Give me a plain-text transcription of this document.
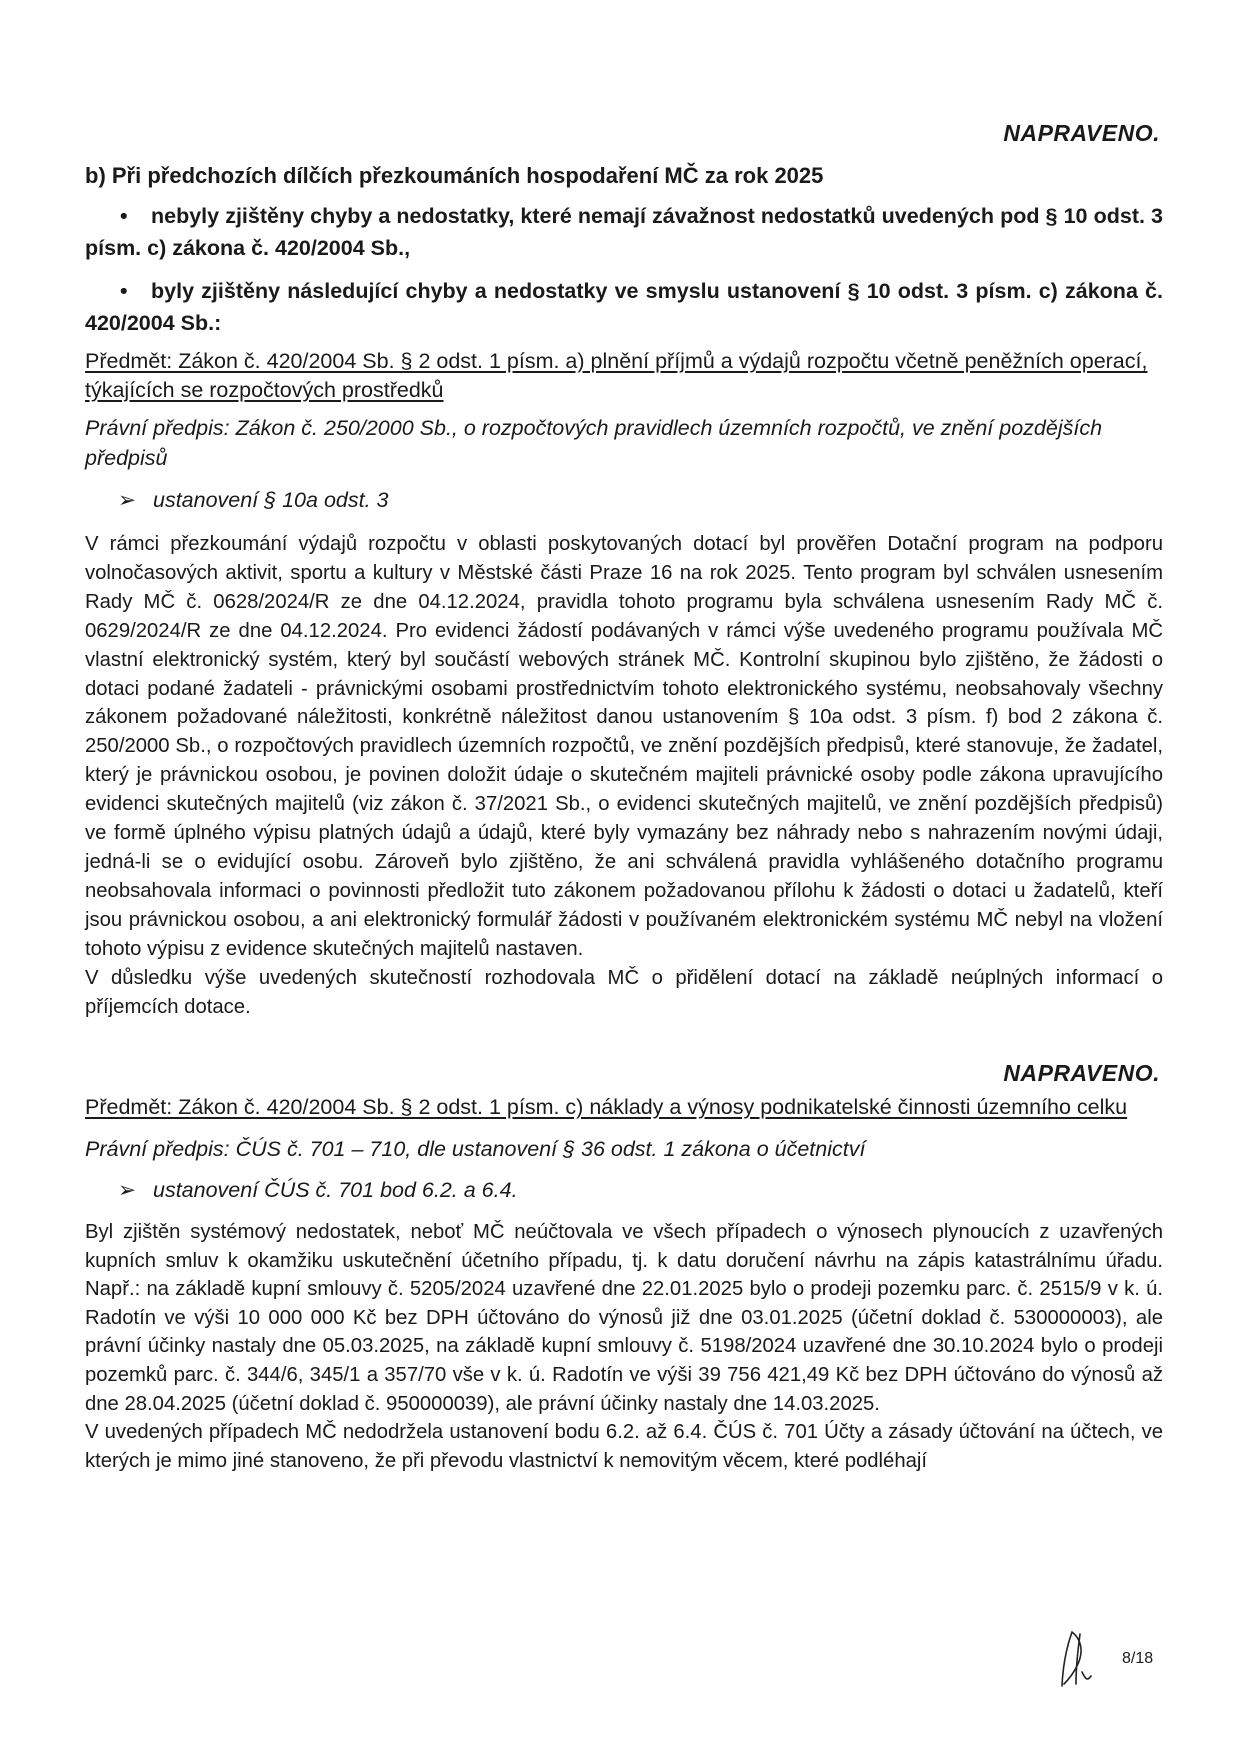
NAPRAVENO.
b) Při předchozích dílčích přezkoumáních hospodaření MČ za rok 2025
•	nebyly zjištěny chyby a nedostatky, které nemají závažnost nedostatků uvedených pod § 10 odst. 3 písm. c) zákona č. 420/2004 Sb.,
•	byly zjištěny následující chyby a nedostatky ve smyslu ustanovení § 10 odst. 3 písm. c) zákona č. 420/2004 Sb.:
Předmět: Zákon č. 420/2004 Sb. § 2 odst. 1 písm. a) plnění příjmů a výdajů rozpočtu včetně peněžních operací, týkajících se rozpočtových prostředků
Právní předpis: Zákon č. 250/2000 Sb., o rozpočtových pravidlech územních rozpočtů, ve znění pozdějších předpisů
➢ ustanovení § 10a odst. 3

V rámci přezkoumání výdajů rozpočtu v oblasti poskytovaných dotací byl prověřen Dotační program na podporu volnočasových aktivit, sportu a kultury v Městské části Praze 16 na rok 2025. Tento program byl schválen usnesením Rady MČ č. 0628/2024/R ze dne 04.12.2024, pravidla tohoto programu byla schválena usnesením Rady MČ č. 0629/2024/R ze dne 04.12.2024. Pro evidenci žádostí podávaných v rámci výše uvedeného programu používala MČ vlastní elektronický systém, který byl součástí webových stránek MČ. Kontrolní skupinou bylo zjištěno, že žádosti o dotaci podané žadateli - právnickými osobami prostřednictvím tohoto elektronického systému, neobsahovaly všechny zákonem požadované náležitosti, konkrétně náležitost danou ustanovením § 10a odst. 3 písm. f) bod 2 zákona č. 250/2000 Sb., o rozpočtových pravidlech územních rozpočtů, ve znění pozdějších předpisů, které stanovuje, že žadatel, který je právnickou osobou, je povinen doložit údaje o skutečném majiteli právnické osoby podle zákona upravujícího evidenci skutečných majitelů (viz zákon č. 37/2021 Sb., o evidenci skutečných majitelů, ve znění pozdějších předpisů) ve formě úplného výpisu platných údajů a údajů, které byly vymazány bez náhrady nebo s nahrazením novými údaji, jedná-li se o evidující osobu. Zároveň bylo zjištěno, že ani schválená pravidla vyhlášeného dotačního programu neobsahovala informaci o povinnosti předložit tuto zákonem požadovanou přílohu k žádosti o dotaci u žadatelů, kteří jsou právnickou osobou, a ani elektronický formulář žádosti v používaném elektronickém systému MČ nebyl na vložení tohoto výpisu z evidence skutečných majitelů nastaven.

V důsledku výše uvedených skutečností rozhodovala MČ o přidělení dotací na základě neúplných informací o příjemcích dotace.

NAPRAVENO.
Předmět: Zákon č. 420/2004 Sb. § 2 odst. 1 písm. c) náklady a výnosy podnikatelské činnosti územního celku
Právní předpis: ČÚS č. 701 – 710, dle ustanovení § 36 odst. 1 zákona o účetnictví
➢ ustanovení ČÚS č. 701 bod 6.2. a 6.4.

Byl zjištěn systémový nedostatek, neboť MČ neúčtovala ve všech případech o výnosech plynoucích z uzavřených kupních smluv k okamžiku uskutečnění účetního případu, tj. k datu doručení návrhu na zápis katastrálnímu úřadu. Např.: na základě kupní smlouvy č. 5205/2024 uzavřené dne 22.01.2025 bylo o prodeji pozemku parc. č. 2515/9 v k. ú. Radotín ve výši 10 000 000 Kč bez DPH účtováno do výnosů již dne 03.01.2025 (účetní doklad č. 530000003), ale právní účinky nastaly dne 05.03.2025, na základě kupní smlouvy č. 5198/2024 uzavřené dne 30.10.2024 bylo o prodeji pozemků parc. č. 344/6, 345/1 a 357/70 vše v k. ú. Radotín ve výši 39 756 421,49 Kč bez DPH účtováno do výnosů až dne 28.04.2025 (účetní doklad č. 950000039), ale právní účinky nastaly dne 14.03.2025.

V uvedených případech MČ nedodržela ustanovení bodu 6.2. až 6.4. ČÚS č. 701 Účty a zásady účtování na účtech, ve kterých je mimo jiné stanoveno, že při převodu vlastnictví k nemovitým věcem, které podléhají

8/18
